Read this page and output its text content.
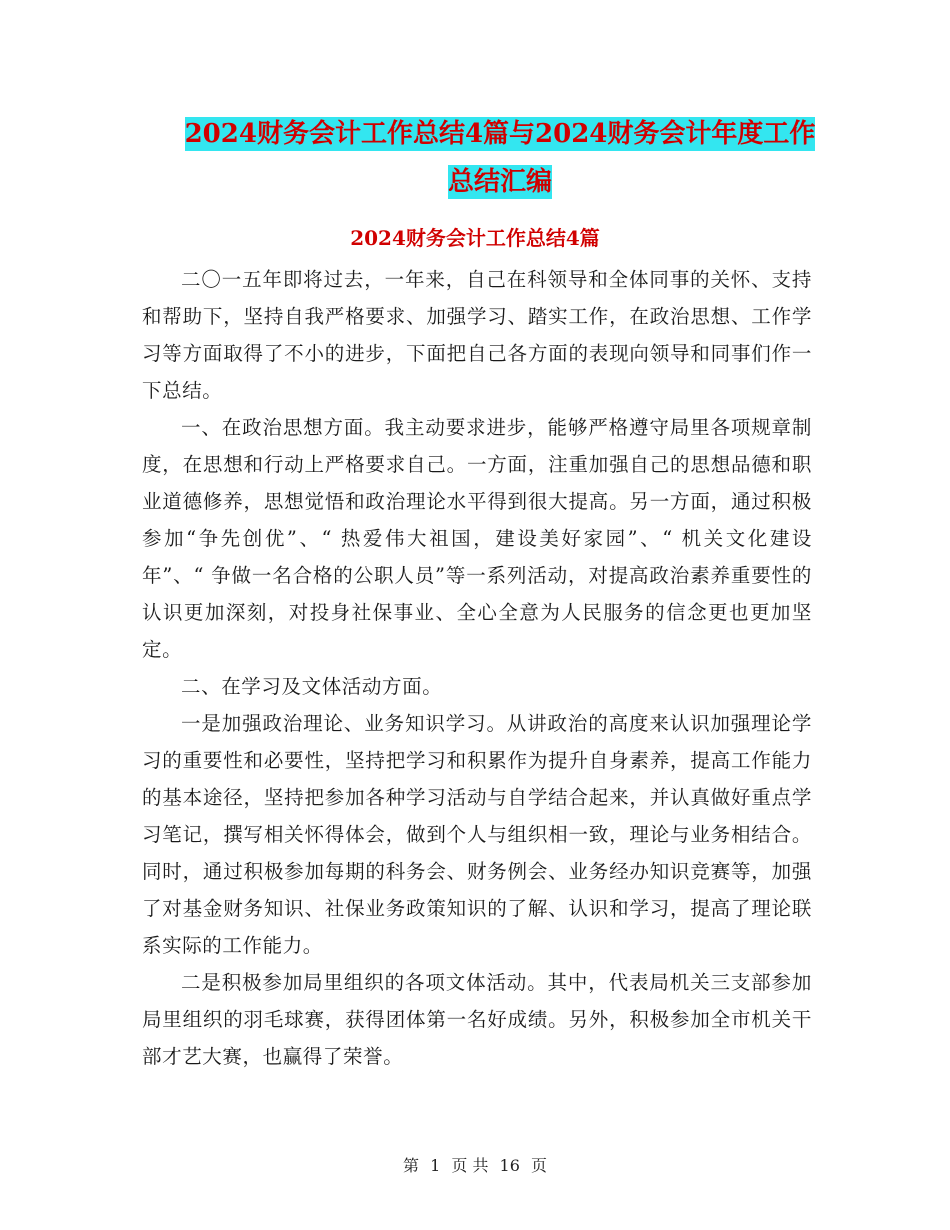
2024财务会计工作总结4篇与2024财务会计年度工作
总结汇编
2024财务会计工作总结4篇

二〇一五年即将过去，一年来，自己在科领导和全体同事的关怀、支持和帮助下，坚持自我严格要求、加强学习、踏实工作，在政治思想、工作学习等方面取得了不小的进步，下面把自己各方面的表现向领导和同事们作一下总结。

一、在政治思想方面。我主动要求进步，能够严格遵守局里各项规章制度，在思想和行动上严格要求自己。一方面，注重加强自己的思想品德和职业道德修养，思想觉悟和政治理论水平得到很大提高。另一方面，通过积极参加“争先创优”、“ 热爱伟大祖国，建设美好家园”、“ 机关文化建设年”、“ 争做一名合格的公职人员”等一系列活动，对提高政治素养重要性的认识更加深刻，对投身社保事业、全心全意为人民服务的信念更也更加坚定。

二、在学习及文体活动方面。

一是加强政治理论、业务知识学习。从讲政治的高度来认识加强理论学习的重要性和必要性，坚持把学习和积累作为提升自身素养，提高工作能力的基本途径，坚持把参加各种学习活动与自学结合起来，并认真做好重点学习笔记，撰写相关怀得体会，做到个人与组织相一致，理论与业务相结合。同时，通过积极参加每期的科务会、财务例会、业务经办知识竞赛等，加强了对基金财务知识、社保业务政策知识的了解、认识和学习，提高了理论联系实际的工作能力。

二是积极参加局里组织的各项文体活动。其中，代表局机关三支部参加局里组织的羽毛球赛，获得团体第一名好成绩。另外，积极参加全市机关干部才艺大赛，也赢得了荣誉。

第 1 页 共 16 页
